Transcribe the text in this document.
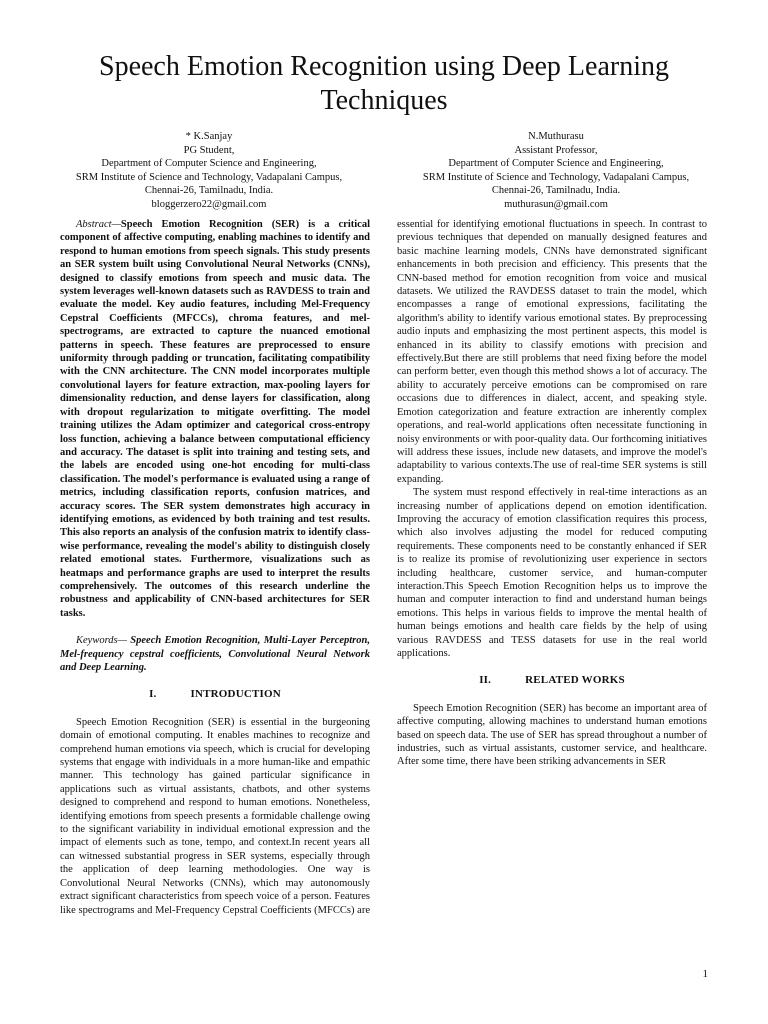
Speech Emotion Recognition using Deep Learning Techniques
* K.Sanjay
PG Student,
Department of Computer Science and Engineering,
SRM Institute of Science and Technology, Vadapalani Campus,
Chennai-26, Tamilnadu, India.
bloggerzero22@gmail.com
N.Muthurasu
Assistant Professor,
Department of Computer Science and Engineering,
SRM Institute of Science and Technology, Vadapalani Campus,
Chennai-26, Tamilnadu, India.
muthurasun@gmail.com

Abstract—Speech Emotion Recognition (SER) is a critical component of affective computing, enabling machines to identify and respond to human emotions from speech signals. This study presents an SER system built using Convolutional Neural Networks (CNNs), designed to classify emotions from speech and music data. The system leverages well-known datasets such as RAVDESS to train and evaluate the model. Key audio features, including Mel-Frequency Cepstral Coefficients (MFCCs), chroma features, and mel-spectrograms, are extracted to capture the nuanced emotional patterns in speech. These features are preprocessed to ensure uniformity through padding or truncation, facilitating compatibility with the CNN architecture. The CNN model incorporates multiple convolutional layers for feature extraction, max-pooling layers for dimensionality reduction, and dense layers for classification, along with dropout regularization to mitigate overfitting. The model training utilizes the Adam optimizer and categorical cross-entropy loss function, achieving a balance between computational efficiency and accuracy. The dataset is split into training and testing sets, and the labels are encoded using one-hot encoding for multi-class classification. The model's performance is evaluated using a range of metrics, including classification reports, confusion matrices, and accuracy scores. The SER system demonstrates high accuracy in identifying emotions, as evidenced by both training and test results. This also reports an analysis of the confusion matrix to identify class-wise performance, revealing the model's ability to distinguish closely related emotional states. Furthermore, visualizations such as heatmaps and performance graphs are used to interpret the results comprehensively. The outcomes of this research underline the robustness and applicability of CNN-based architectures for SER tasks.

Keywords— Speech Emotion Recognition, Multi-Layer Perceptron, Mel-frequency cepstral coefficients, Convolutional Neural Network and Deep Learning.

I.	INTRODUCTION

Speech Emotion Recognition (SER) is essential in the burgeoning domain of emotional computing. It enables machines to recognize and comprehend human emotions via speech, which is crucial for developing systems that engage with individuals in a more human-like and empathic manner. This technology has gained particular significance in applications such as virtual assistants, chatbots, and other systems designed to comprehend and respond to human emotions. Nonetheless, identifying emotions from speech presents a formidable challenge owing to the significant variability in individual emotional expression and the impact of elements such as tone, tempo, and context.In recent years all can witnessed substantial progress in SER systems, especially through the application of deep learning methodologies. One way is Convolutional Neural Networks (CNNs), which may autonomously extract significant characteristics from speech voice of a person. Features like spectrograms and Mel-Frequency Cepstral Coefficients (MFCCs) are

essential for identifying emotional fluctuations in speech. In contrast to previous techniques that depended on manually designed features and basic machine learning models, CNNs have demonstrated significant enhancements in both precision and efficiency. This presents that the CNN-based method for emotion recognition from voice and musical datasets. We utilized the RAVDESS dataset to train the model, which encompasses a range of emotional expressions, facilitating the algorithm's ability to identify various emotional states. By preprocessing audio inputs and emphasizing the most pertinent aspects, this model is enhanced in its ability to classify emotions with precision and effectively.But there are still problems that need fixing before the model can perform better, even though this method shows a lot of accuracy. The ability to accurately perceive emotions can be compromised on rare occasions due to differences in dialect, accent, and speaking style. Emotion categorization and feature extraction are inherently complex operations, and real-world applications often necessitate functioning in noisy environments or with poor-quality data. Our forthcoming initiatives will address these issues, include new datasets, and improve the model's adaptability to various contexts.The use of real-time SER systems is still expanding.

The system must respond effectively in real-time interactions as an increasing number of applications depend on emotion identification. Improving the accuracy of emotion classification requires this process, which also involves adjusting the model for reduced computing requirements. These components need to be constantly enhanced if SER is to realize its promise of revolutionizing user experience in sectors including healthcare, customer service, and human-computer interaction.This Speech Emotion Recognition helps us to improve the human and computer interaction to find and understand human beings emotions. This helps in various fields to improve the mental health of human beings emotions and health care fields by the help of using various RAVDESS and TESS datasets for use in the real world applications.

II.	RELATED WORKS

Speech Emotion Recognition (SER) has become an important area of affective computing, allowing machines to understand human emotions based on speech data. The use of SER has spread throughout a number of industries, such as virtual assistants, customer service, and healthcare. After some time, there have been striking advancements in SER

1
